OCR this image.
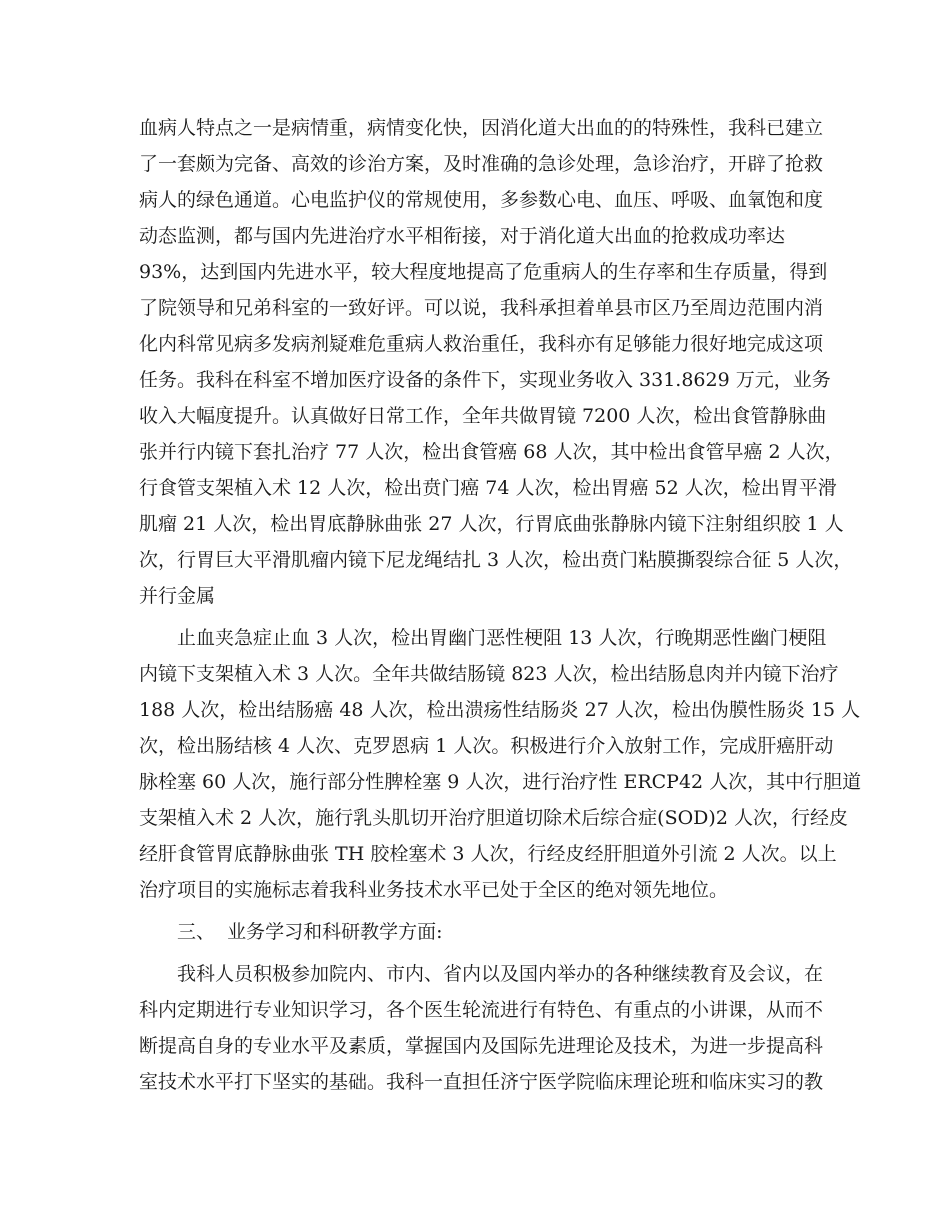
血病人特点之一是病情重，病情变化快，因消化道大出血的的特殊性，我科已建立

了一套颇为完备、高效的诊治方案，及时准确的急诊处理，急诊治疗，开辟了抢救

病人的绿色通道。心电监护仪的常规使用，多参数心电、血压、呼吸、血氧饱和度

动态监测，都与国内先进治疗水平相衔接，对于消化道大出血的抢救成功率达

93%，达到国内先进水平，较大程度地提高了危重病人的生存率和生存质量，得到

了院领导和兄弟科室的一致好评。可以说，我科承担着单县市区乃至周边范围内消

化内科常见病多发病剂疑难危重病人救治重任，我科亦有足够能力很好地完成这项

任务。我科在科室不增加医疗设备的条件下，实现业务收入 331.8629 万元，业务

收入大幅度提升。认真做好日常工作，全年共做胃镜 7200 人次，检出食管静脉曲

张并行内镜下套扎治疗 77 人次，检出食管癌 68 人次，其中检出食管早癌 2 人次，

行食管支架植入术 12 人次，检出贲门癌 74 人次，检出胃癌 52 人次，检出胃平滑

肌瘤 21 人次，检出胃底静脉曲张 27 人次，行胃底曲张静脉内镜下注射组织胶 1 人

次，行胃巨大平滑肌瘤内镜下尼龙绳结扎 3 人次，检出贲门粘膜撕裂综合征 5 人次，

并行金属

止血夹急症止血 3 人次，检出胃幽门恶性梗阻 13 人次，行晚期恶性幽门梗阻

内镜下支架植入术 3 人次。全年共做结肠镜 823 人次，检出结肠息肉并内镜下治疗

188 人次，检出结肠癌 48 人次，检出溃疡性结肠炎 27 人次，检出伪膜性肠炎 15 人

次，检出肠结核 4 人次、克罗恩病 1 人次。积极进行介入放射工作，完成肝癌肝动

脉栓塞 60 人次，施行部分性脾栓塞 9 人次，进行治疗性 ERCP42 人次，其中行胆道

支架植入术 2 人次，施行乳头肌切开治疗胆道切除术后综合症(SOD)2 人次，行经皮

经肝食管胃底静脉曲张 TH 胶栓塞术 3 人次，行经皮经肝胆道外引流 2 人次。以上

治疗项目的实施标志着我科业务技术水平已处于全区的绝对领先地位。

三、  业务学习和科研教学方面:

我科人员积极参加院内、市内、省内以及国内举办的各种继续教育及会议，在

科内定期进行专业知识学习，各个医生轮流进行有特色、有重点的小讲课，从而不

断提高自身的专业水平及素质，掌握国内及国际先进理论及技术，为进一步提高科

室技术水平打下坚实的基础。我科一直担任济宁医学院临床理论班和临床实习的教
